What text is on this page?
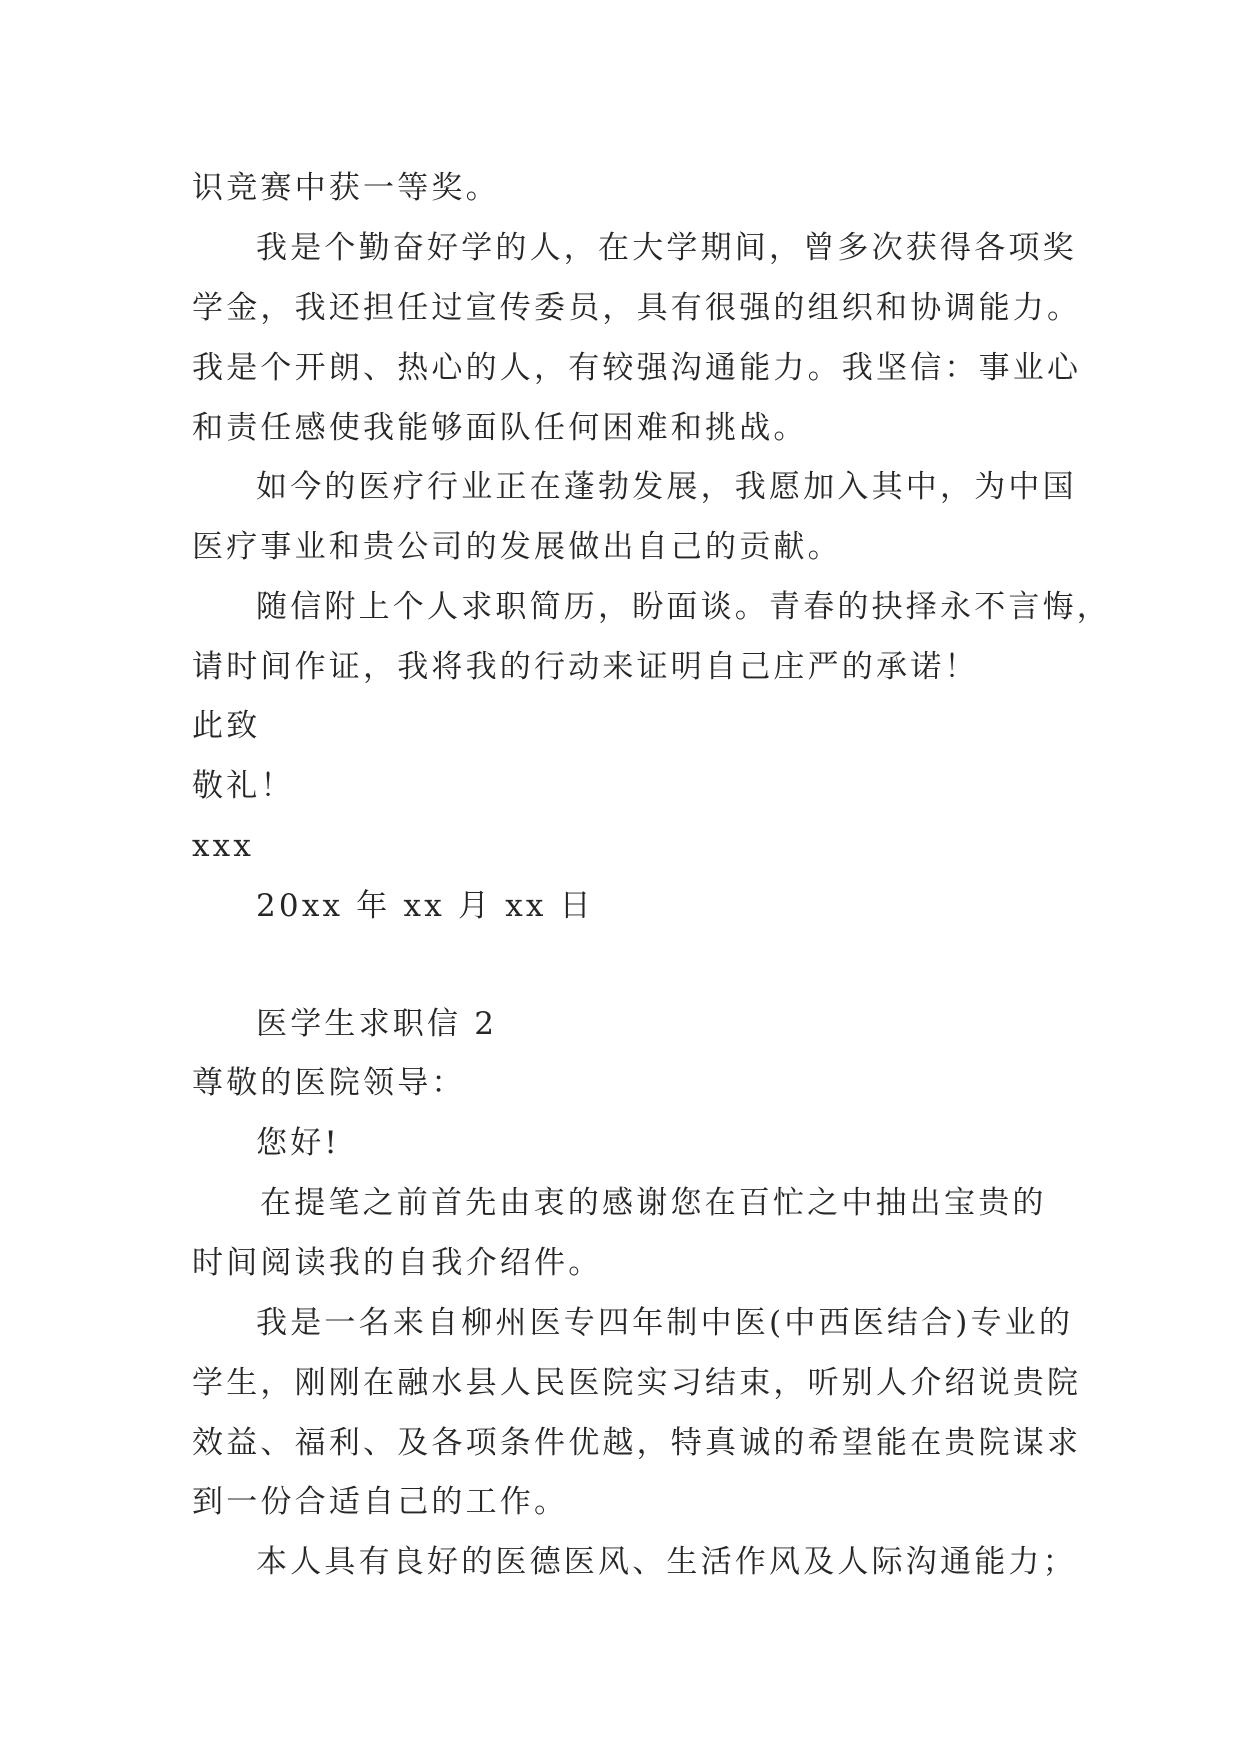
识竞赛中获一等奖。
我是个勤奋好学的人，在大学期间，曾多次获得各项奖
学金，我还担任过宣传委员，具有很强的组织和协调能力。
我是个开朗、热心的人，有较强沟通能力。我坚信：事业心
和责任感使我能够面队任何困难和挑战。
如今的医疗行业正在蓬勃发展，我愿加入其中，为中国
医疗事业和贵公司的发展做出自己的贡献。
随信附上个人求职简历，盼面谈。青春的抉择永不言悔，
请时间作证，我将我的行动来证明自己庄严的承诺！
此致
敬礼！
xxx
20xx 年 xx 月 xx 日
医学生求职信 2
尊敬的医院领导：
您好!
在提笔之前首先由衷的感谢您在百忙之中抽出宝贵的
时间阅读我的自我介绍件。
我是一名来自柳州医专四年制中医(中西医结合)专业的
学生，刚刚在融水县人民医院实习结束，听别人介绍说贵院
效益、福利、及各项条件优越，特真诚的希望能在贵院谋求
到一份合适自己的工作。
本人具有良好的医德医风、生活作风及人际沟通能力；
